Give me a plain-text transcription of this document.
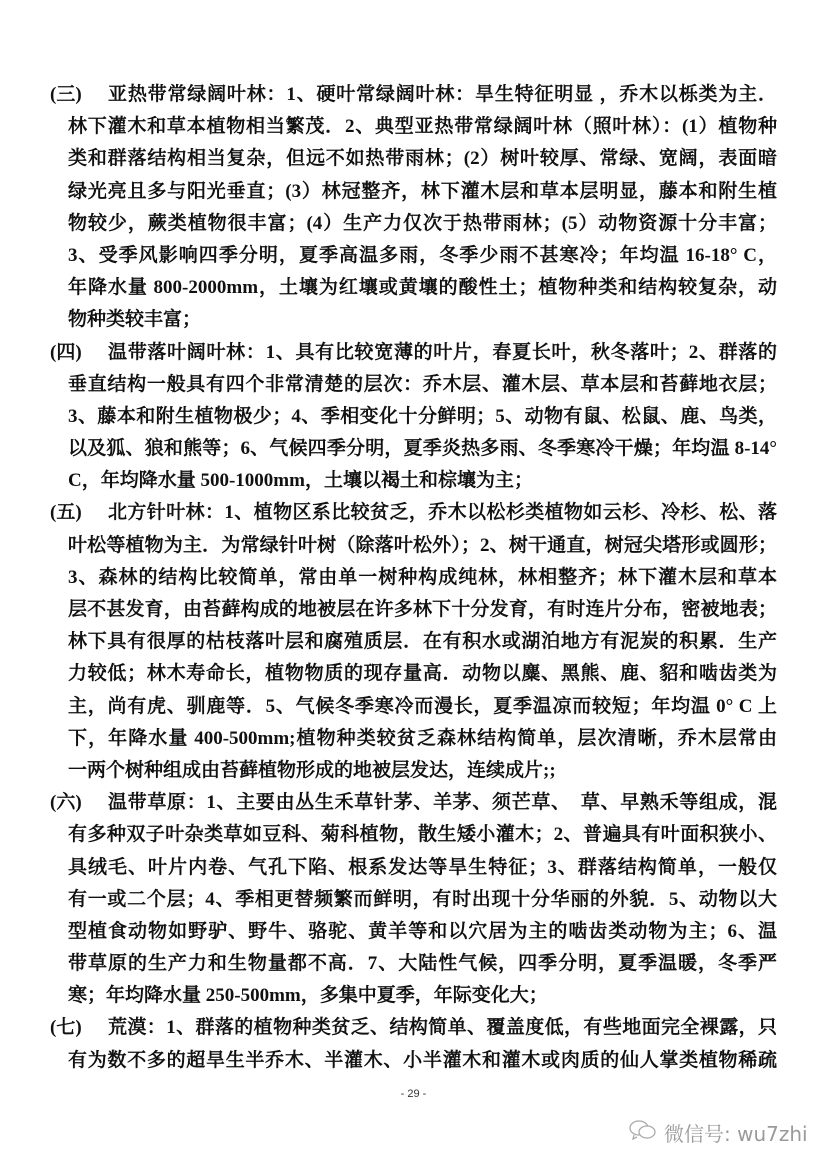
(三)	亚热带常绿阔叶林：1、硬叶常绿阔叶林：旱生特征明显 ，乔木以栎类为主．
林下灌木和草本植物相当繁茂．2、典型亚热带常绿阔叶林（照叶林）：(1）植物种
类和群落结构相当复杂，但远不如热带雨林；(2）树叶较厚、常绿、宽阔，表面暗
绿光亮且多与阳光垂直；(3）林冠整齐，林下灌木层和草本层明显，藤本和附生植
物较少，蕨类植物很丰富；(4）生产力仅次于热带雨林；(5）动物资源十分丰富；
3、受季风影响四季分明，夏季高温多雨，冬季少雨不甚寒冷；年均温 16-18° C，
年降水量 800-2000mm，土壤为红壤或黄壤的酸性土；植物种类和结构较复杂，动
物种类较丰富；
(四)	温带落叶阔叶林：1、具有比较宽薄的叶片，春夏长叶，秋冬落叶；2、群落的
垂直结构一般具有四个非常清楚的层次：乔木层、灌木层、草本层和苔藓地衣层；
3、藤本和附生植物极少；4、季相变化十分鲜明；5、动物有鼠、松鼠、鹿、鸟类，
以及狐、狼和熊等；6、气候四季分明，夏季炎热多雨、冬季寒冷干燥；年均温 8-14°
C，年均降水量 500-1000mm，土壤以褐土和棕壤为主；
(五)	北方针叶林：1、植物区系比较贫乏，乔木以松杉类植物如云杉、冷杉、松、落
叶松等植物为主．为常绿针叶树（除落叶松外）；2、树干通直，树冠尖塔形或圆形；
3、森林的结构比较简单，常由单一树种构成纯林，林相整齐；林下灌木层和草本
层不甚发育，由苔藓构成的地被层在许多林下十分发育，有时连片分布，密被地表；
林下具有很厚的枯枝落叶层和腐殖质层．在有积水或湖泊地方有泥炭的积累．生产
力较低；林木寿命长，植物物质的现存量高．动物以麋、黑熊、鹿、貂和啮齿类为
主，尚有虎、驯鹿等．5、气候冬季寒冷而漫长，夏季温凉而较短；年均温 0° C 上
下，年降水量 400-500mm;植物种类较贫乏森林结构简单，层次清晰，乔木层常由
一两个树种组成由苔藓植物形成的地被层发达，连续成片;;
(六)	温带草原：1、主要由丛生禾草针茅、羊茅、须芒草、　草、早熟禾等组成，混
有多种双子叶杂类草如豆科、菊科植物，散生矮小灌木；2、普遍具有叶面积狭小、
具绒毛、叶片内卷、气孔下陷、根系发达等旱生特征；3、群落结构简单，一般仅
有一或二个层；4、季相更替频繁而鲜明，有时出现十分华丽的外貌．5、动物以大
型植食动物如野驴、野牛、骆驼、黄羊等和以穴居为主的啮齿类动物为主；6、温
带草原的生产力和生物量都不高．7、大陆性气候，四季分明，夏季温暖，冬季严
寒；年均降水量 250-500mm，多集中夏季，年际变化大；
(七)	荒漠：1、群落的植物种类贫乏、结构简单、覆盖度低，有些地面完全裸露，只
有为数不多的超旱生半乔木、半灌木、小半灌木和灌木或肉质的仙人掌类植物稀疏
- 29 -
微信号: wu7zhi
